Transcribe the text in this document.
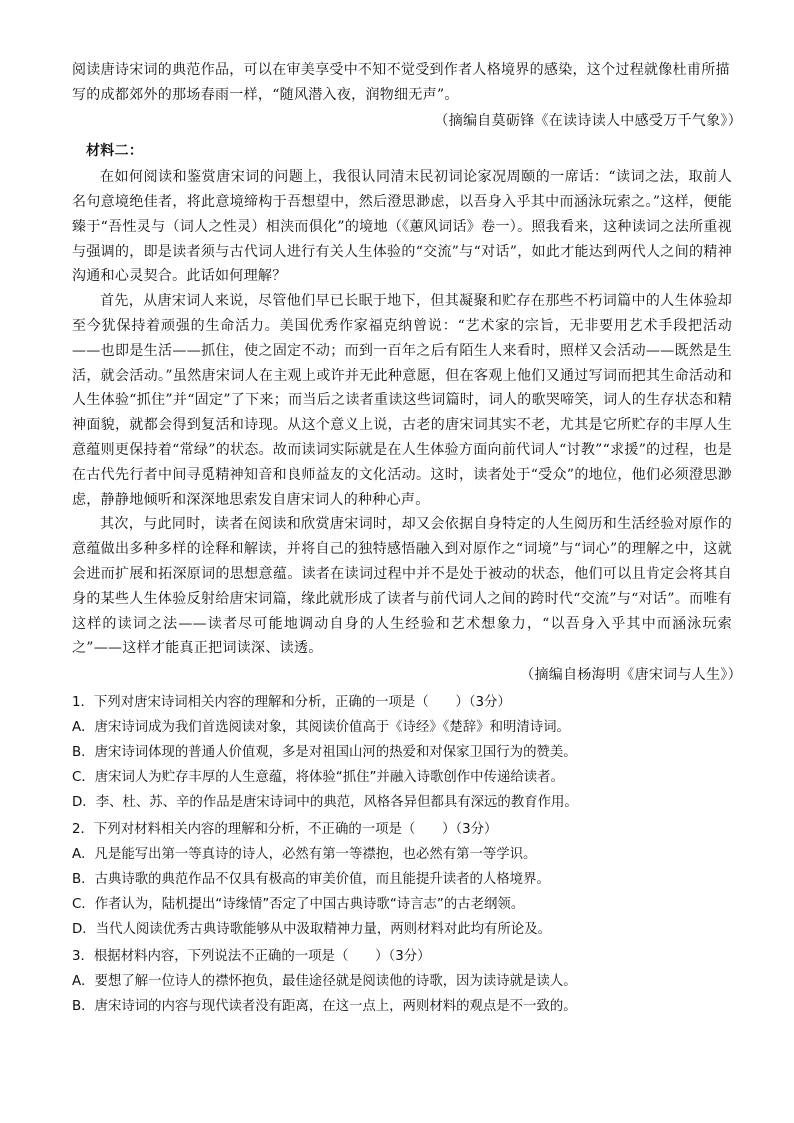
阅读唐诗宋词的典范作品，可以在审美享受中不知不觉受到作者人格境界的感染，这个过程就像杜甫所描

写的成都郊外的那场春雨一样，“随风潜入夜，润物细无声”。

（摘编自莫砺锋《在读诗读人中感受万千气象》）

材料二：

在如何阅读和鉴赏唐宋词的问题上，我很认同清末民初词论家况周颐的一席话：“读词之法，取前人名句意境绝佳者，将此意境缔构于吾想望中，然后澄思渺虑，以吾身入乎其中而涵泳玩索之。”这样，便能臻于“吾性灵与（词人之性灵）相浃而俱化”的境地（《蕙风词话》卷一）。照我看来，这种读词之法所重视与强调的，即是读者须与古代词人进行有关人生体验的“交流”与“对话”，如此才能达到两代人之间的精神沟通和心灵契合。此话如何理解？

首先，从唐宋词人来说，尽管他们早已长眠于地下，但其凝聚和贮存在那些不朽词篇中的人生体验却至今犹保持着顽强的生命活力。美国优秀作家福克纳曾说：“艺术家的宗旨，无非要用艺术手段把活动——也即是生活——抓住，使之固定不动；而到一百年之后有陌生人来看时，照样又会活动——既然是生活，就会活动。”虽然唐宋词人在主观上或许并无此种意愿，但在客观上他们又通过写词而把其生命活动和人生体验“抓住”并“固定”了下来；而当后之读者重读这些词篇时，词人的歌哭啼笑，词人的生存状态和精神面貌，就都会得到复活和诗现。从这个意义上说，古老的唐宋词其实不老，尤其是它所贮存的丰厚人生意蕴则更保持着“常绿”的状态。故而读词实际就是在人生体验方面向前代词人“讨教”“求援”的过程，也是在古代先行者中间寻觅精神知音和良师益友的文化活动。这时，读者处于“受众”的地位，他们必须澄思渺虑，静静地倾听和深深地思索发自唐宋词人的种种心声。

其次，与此同时，读者在阅读和欣赏唐宋词时，却又会依据自身特定的人生阅历和生活经验对原作的意蕴做出多种多样的诠释和解读，并将自己的独特感悟融入到对原作之“词境”与“词心”的理解之中，这就会进而扩展和拓深原词的思想意蕴。读者在读词过程中并不是处于被动的状态，他们可以且肯定会将其自身的某些人生体验反射给唐宋词篇，缘此就形成了读者与前代词人之间的跨时代“交流”与“对话”。而唯有这样的读词之法——读者尽可能地调动自身的人生经验和艺术想象力，“以吾身入乎其中而涵泳玩索之”——这样才能真正把词读深、读透。

（摘编自杨海明《唐宋词与人生》）

1．下列对唐宋诗词相关内容的理解和分析，正确的一项是（　　）（3分）

A．唐宋诗词成为我们首选阅读对象，其阅读价值高于《诗经》《楚辞》和明清诗词。

B．唐宋诗词体现的普通人价值观，多是对祖国山河的热爱和对保家卫国行为的赞美。

C．唐宋词人为贮存丰厚的人生意蕴，将体验“抓住”并融入诗歌创作中传递给读者。

D．李、杜、苏、辛的作品是唐宋诗词中的典范，风格各异但都具有深远的教育作用。

2．下列对材料相关内容的理解和分析，不正确的一项是（　　）（3分）

A．凡是能写出第一等真诗的诗人，必然有第一等襟抱，也必然有第一等学识。

B．古典诗歌的典范作品不仅具有极高的审美价值，而且能提升读者的人格境界。

C．作者认为，陆机提出“诗缘情”否定了中国古典诗歌“诗言志”的古老纲领。

D．当代人阅读优秀古典诗歌能够从中汲取精神力量，两则材料对此均有所论及。

3．根据材料内容，下列说法不正确的一项是（　　）（3分）

A．要想了解一位诗人的襟怀抱负，最佳途径就是阅读他的诗歌，因为读诗就是读人。

B．唐宋诗词的内容与现代读者没有距离，在这一点上，两则材料的观点是不一致的。
